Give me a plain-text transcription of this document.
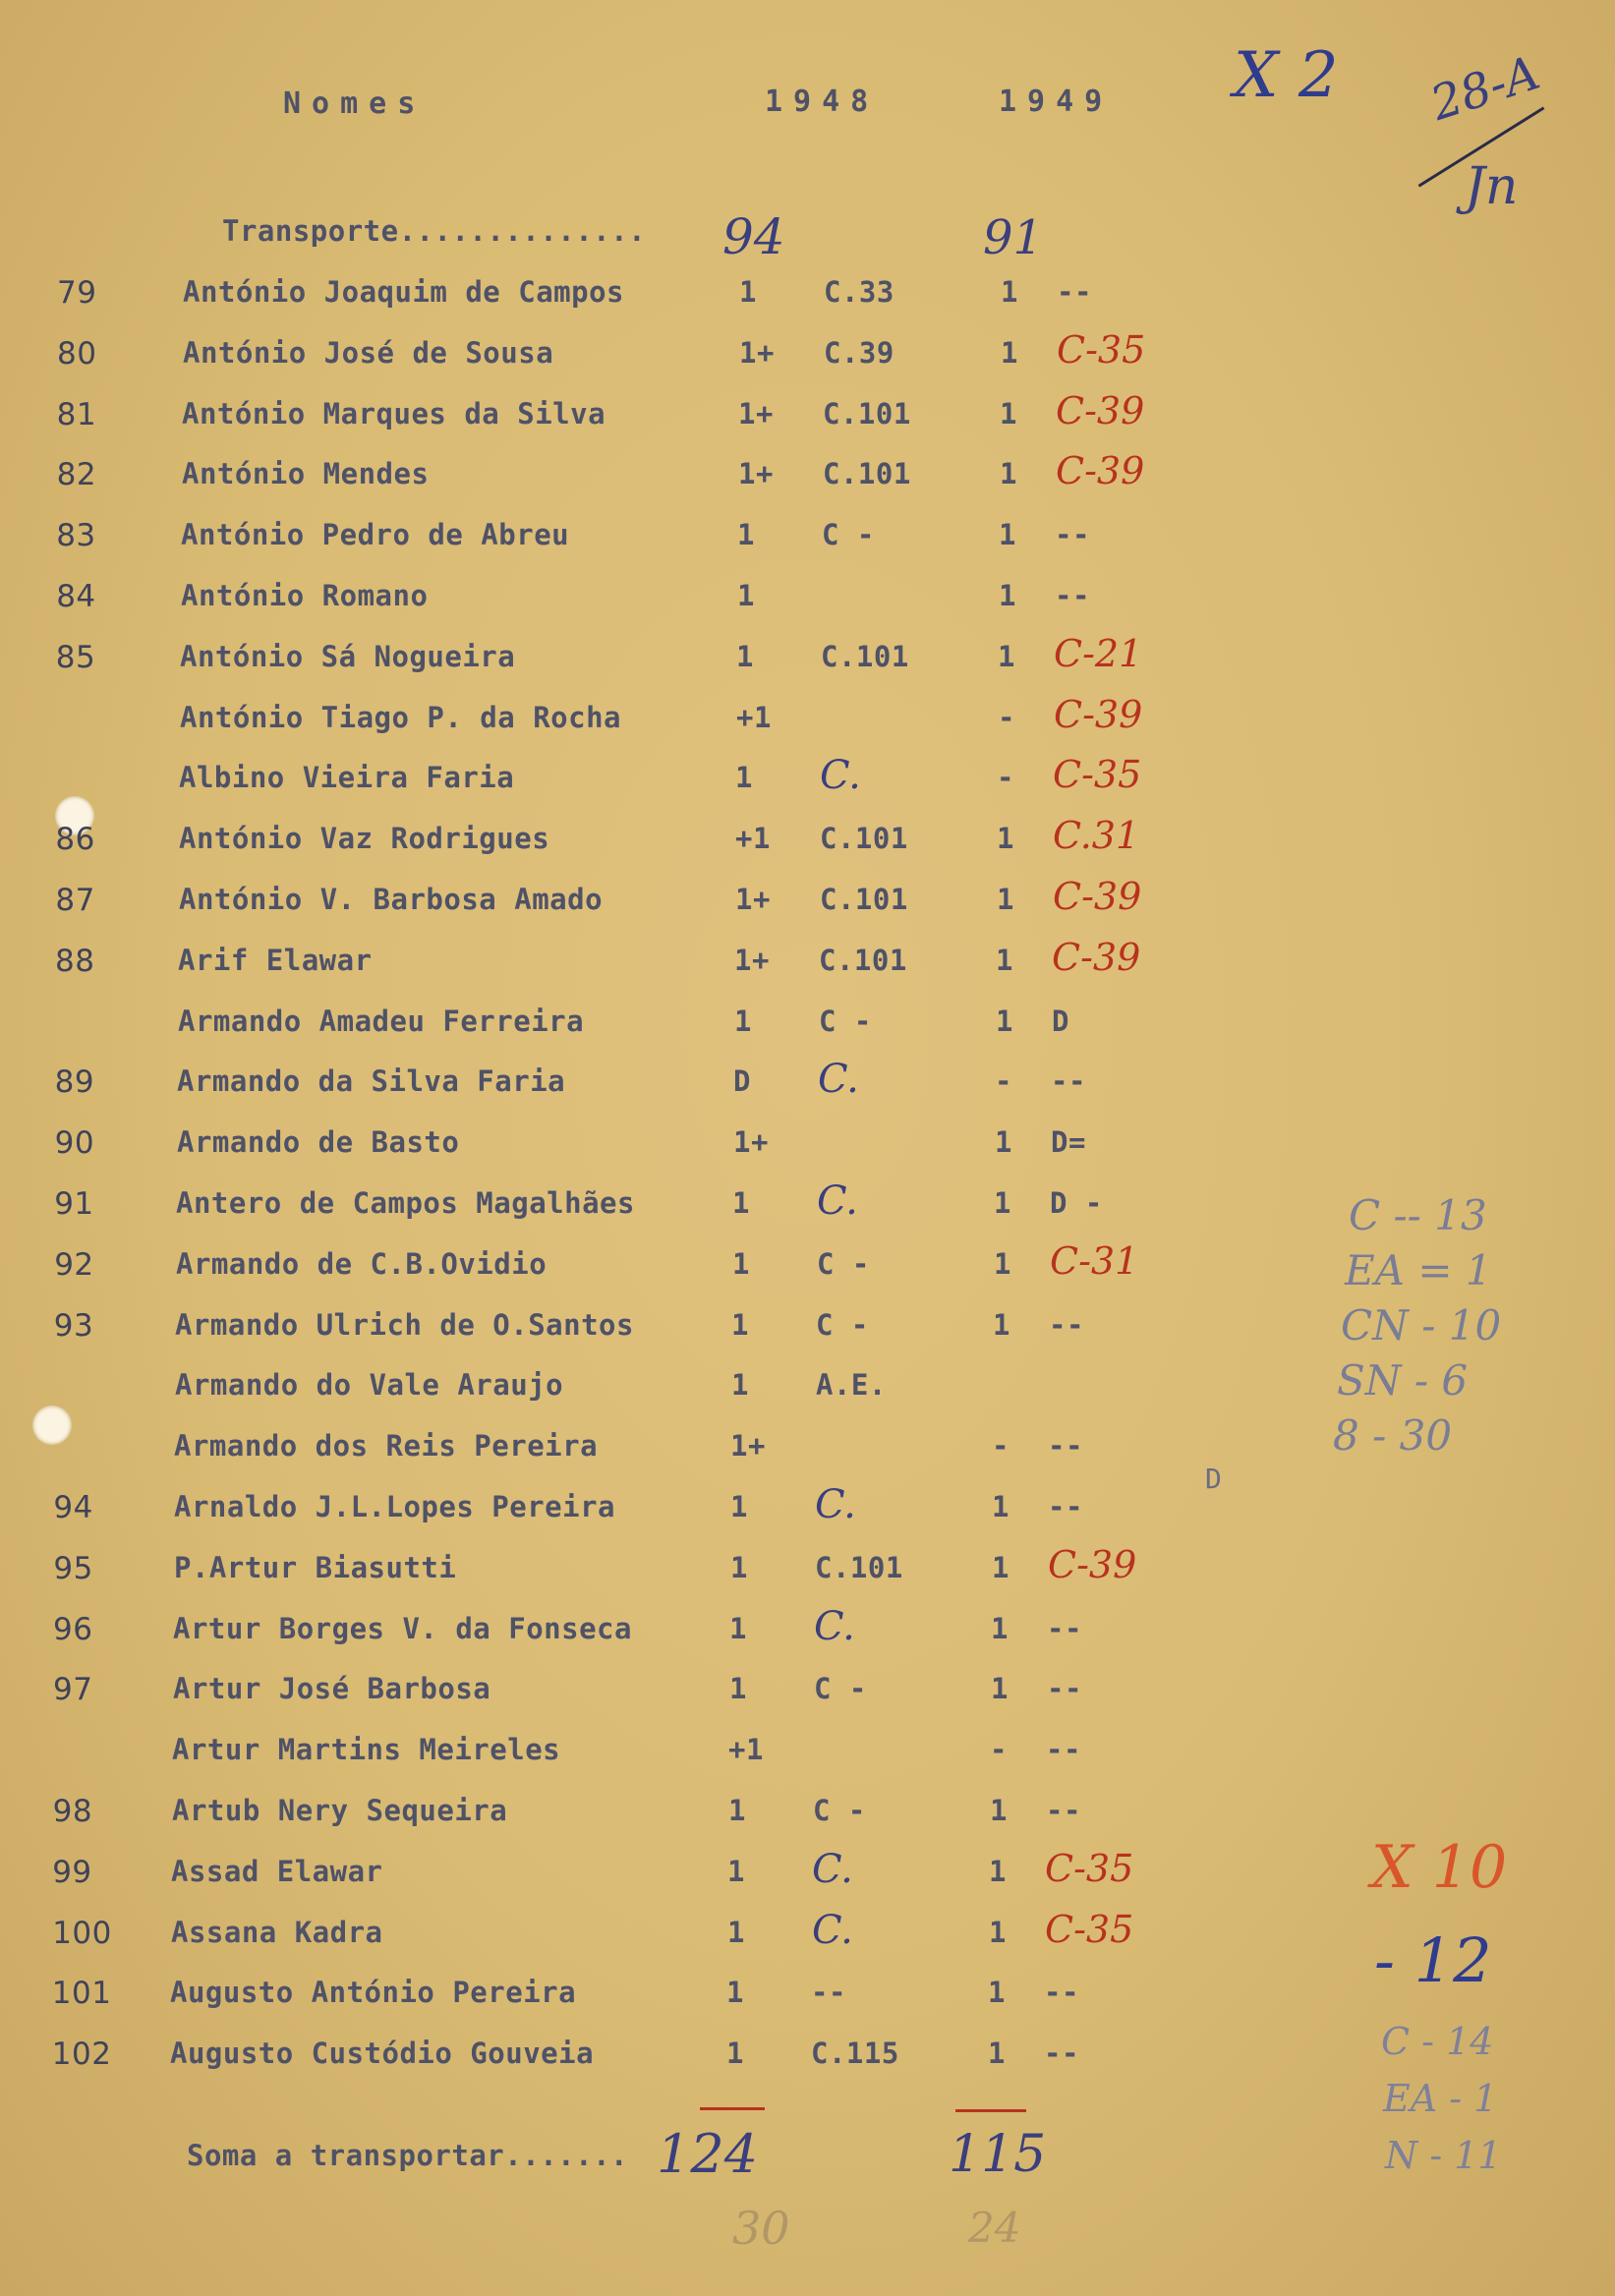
Nomes	1948	1949 X 2 28-A
Jn
Transporte.............. 94	91
79	António Joaquim de Campos	1 C.33	1 --
80	António José de Sousa	1+ C.39	1 C-35
81	António Marques da Silva	1+ C.101	1 C-39
82	António Mendes	1+ C.101	1 C-39
83	António Pedro de Abreu	1 C -	1 --
84	António Romano	1	1 --
85	António Sá Nogueira	1 C.101	1 C-21
António Tiago P. da Rocha	+1	- C-39
Albino Vieira Faria	1 C.	- C-35
86	António Vaz Rodrigues	+1 C.101	1 C.31
87	António V. Barbosa Amado	1+ C.101	1 C-39
88	Arif Elawar	1+ C.101	1 C-39
Armando Amadeu Ferreira	1 C -	1 D
89	Armando da Silva Faria	D C.	- --
90	Armando de Basto	1+	1 D=
91	Antero de Campos Magalhães	1 C.	1 D -
92	Armando de C.B.Ovidio	1 C -	1 C-31
93	Armando Ulrich de O.Santos	1 C -	1 --
Armando do Vale Araujo	1 A.E.
Armando dos Reis Pereira	1+	- --
94	Arnaldo J.L.Lopes Pereira	1 C.	1 --
95	P.Artur Biasutti	1 C.101	1 C-39
96	Artur Borges V. da Fonseca	1 C.	1 --
97	Artur José Barbosa	1 C -	1 --
Artur Martins Meireles	+1	- --
98	Artub Nery Sequeira	1 C -	1 --
99	Assad Elawar	1 C.	1 C-35
100 Assana Kadra	1 C.	1 C-35
101 Augusto António Pereira	1 --	1 --
102 Augusto Custódio Gouveia	1 C.115	1 --
Soma a transportar....... 124	115
30	24
C -- 13
EA = 1
CN - 10
SN - 6
8 - 30
C - 14
EA - 1
N - 11
X 10
- 12
D
